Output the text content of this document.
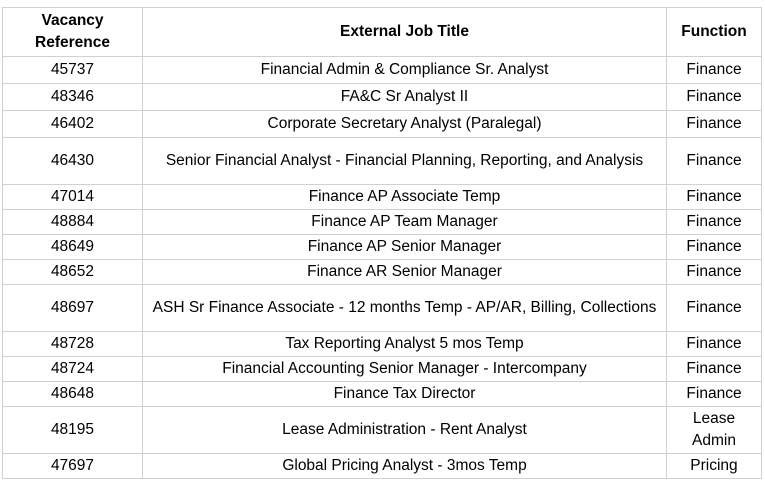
Vacancy Reference	External Job Title	Function
45737	Financial Admin & Compliance Sr. Analyst	Finance
48346	FA&C Sr Analyst II	Finance
46402	Corporate Secretary Analyst (Paralegal)	Finance
46430	Senior Financial Analyst - Financial Planning, Reporting, and Analysis	Finance
47014	Finance AP Associate Temp	Finance
48884	Finance AP Team Manager	Finance
48649	Finance AP Senior Manager	Finance
48652	Finance AR Senior Manager	Finance
48697	ASH Sr Finance Associate - 12 months Temp - AP/AR, Billing, Collections	Finance
48728	Tax Reporting Analyst 5 mos Temp	Finance
48724	Financial Accounting Senior Manager - Intercompany	Finance
48648	Finance Tax Director	Finance
48195	Lease Administration - Rent Analyst	Lease Admin
47697	Global Pricing Analyst - 3mos Temp	Pricing
